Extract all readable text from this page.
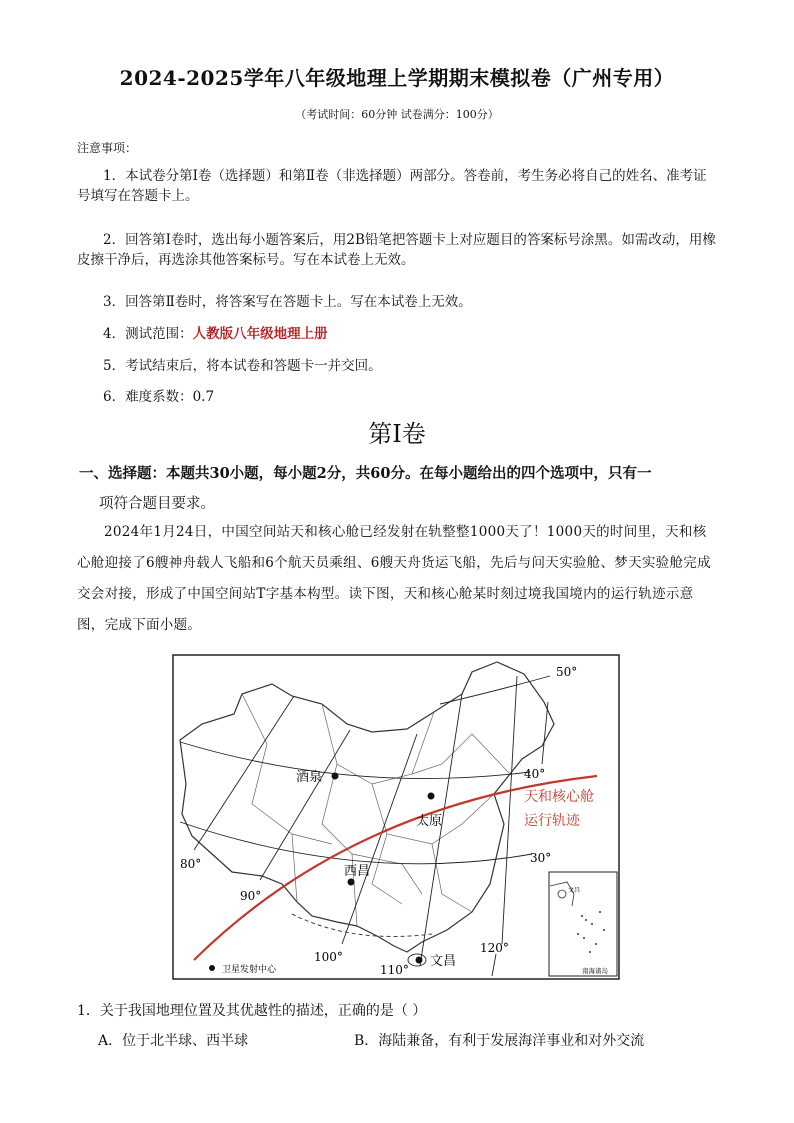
2024-2025学年八年级地理上学期期末模拟卷（广州专用）
（考试时间：60分钟 试卷满分：100分）
注意事项：
1．本试卷分第Ⅰ卷（选择题）和第Ⅱ卷（非选择题）两部分。答卷前，考生务必将自己的姓名、准考证号填写在答题卡上。
2．回答第Ⅰ卷时，选出每小题答案后，用2B铅笔把答题卡上对应题目的答案标号涂黑。如需改动，用橡皮擦干净后，再选涂其他答案标号。写在本试卷上无效。
3．回答第Ⅱ卷时，将答案写在答题卡上。写在本试卷上无效。
4．测试范围：人教版八年级地理上册
5．考试结束后，将本试卷和答题卡一并交回。
6．难度系数：0.7
第Ⅰ卷
一、选择题：本题共30小题，每小题2分，共60分。在每小题给出的四个选项中，只有一
项符合题目要求。
2024年1月24日，中国空间站天和核心舱已经发射在轨整整1000天了！1000天的时间里，天和核心舱迎接了6艘神舟载人飞船和6个航天员乘组、6艘天舟货运飞船，先后与问天实验舱、梦天实验舱完成交会对接，形成了中国空间站T字基本构型。读下图，天和核心舱某时刻过境我国境内的运行轨迹示意图，完成下面小题。
酒泉
太原
西昌
文昌
50°
40°
30°
80°
90°
100°
110°
120°
天和核心舱
运行轨迹
卫星发射中心
文昌
南海诸岛
1．关于我国地理位置及其优越性的描述，正确的是（ ）
A．位于北半球、西半球	B．海陆兼备，有利于发展海洋事业和对外交流
